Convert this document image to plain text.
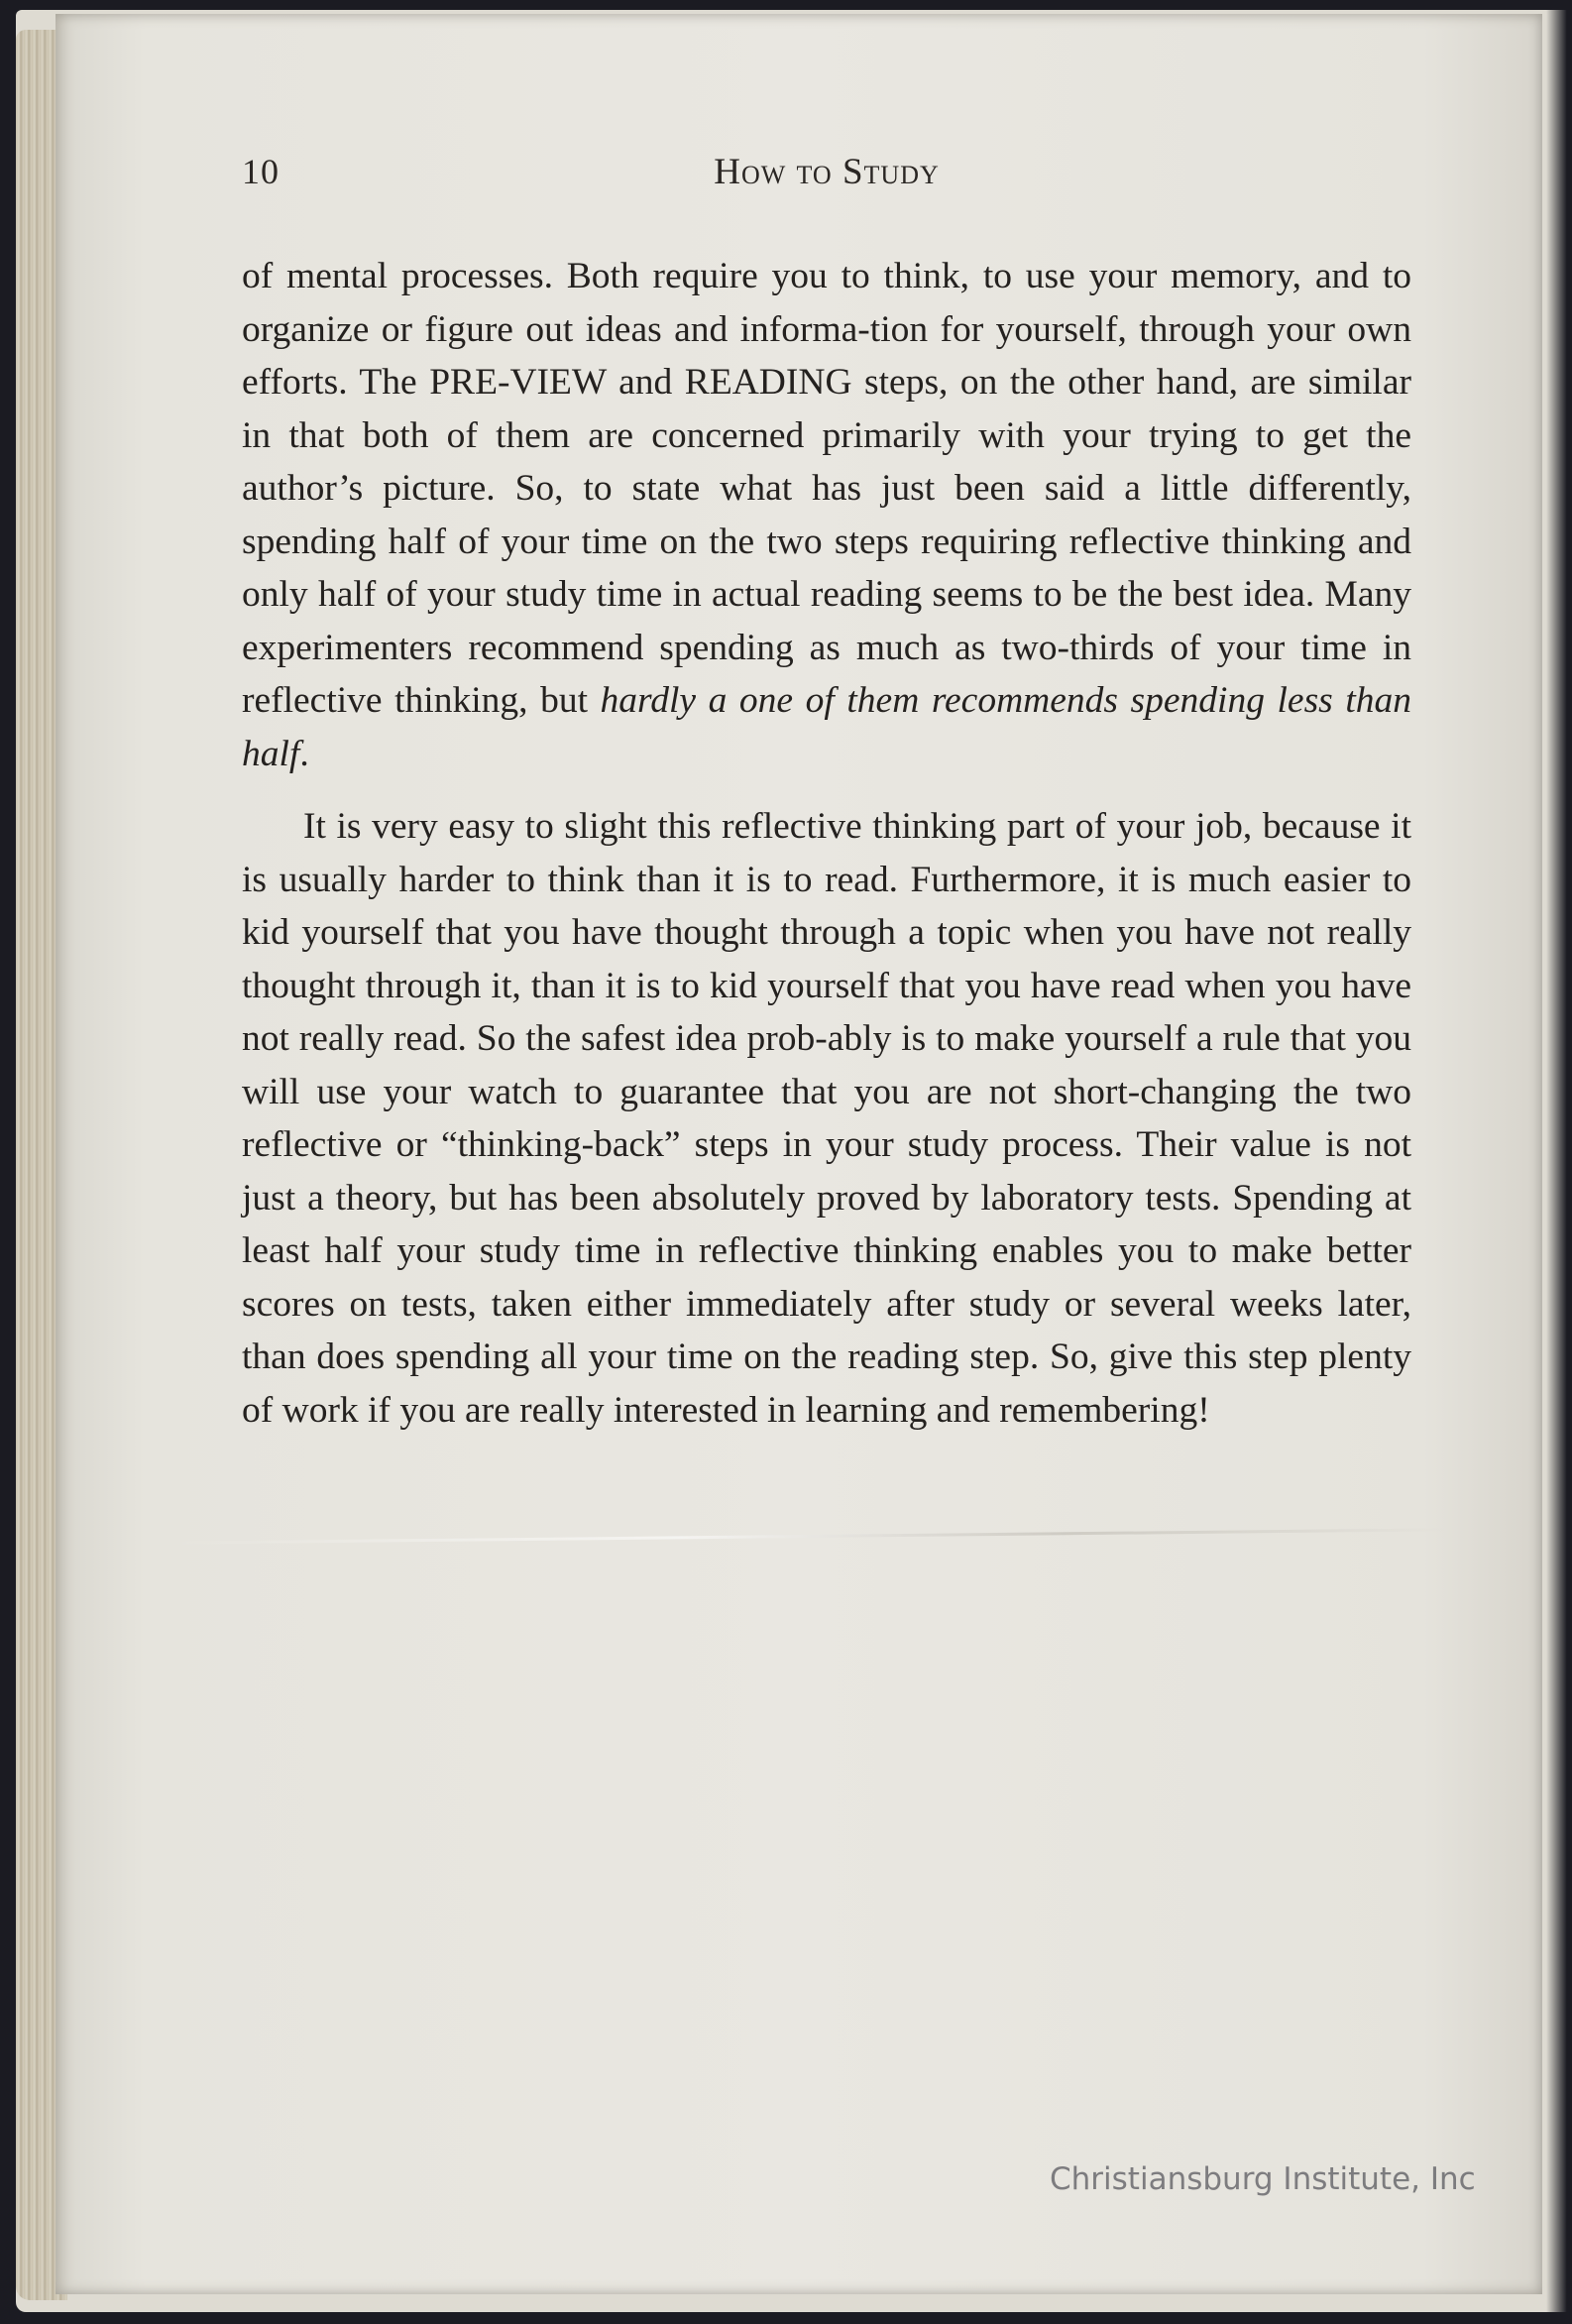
10	How to Study

of mental processes. Both require you to think, to use your memory, and to organize or figure out ideas and informa-tion for yourself, through your own efforts. The PRE-VIEW and READING steps, on the other hand, are similar in that both of them are concerned primarily with your trying to get the author’s picture. So, to state what has just been said a little differently, spending half of your time on the two steps requiring reflective thinking and only half of your study time in actual reading seems to be the best idea. Many experimenters recommend spending as much as two-thirds of your time in reflective thinking, but hardly a one of them recommends spending less than half.

It is very easy to slight this reflective thinking part of your job, because it is usually harder to think than it is to read. Furthermore, it is much easier to kid yourself that you have thought through a topic when you have not really thought through it, than it is to kid yourself that you have read when you have not really read. So the safest idea prob-ably is to make yourself a rule that you will use your watch to guarantee that you are not short-changing the two reflective or “thinking-back” steps in your study process. Their value is not just a theory, but has been absolutely proved by laboratory tests. Spending at least half your study time in reflective thinking enables you to make better scores on tests, taken either immediately after study or several weeks later, than does spending all your time on the reading step. So, give this step plenty of work if you are really interested in learning and remembering!

Christiansburg Institute, Inc
